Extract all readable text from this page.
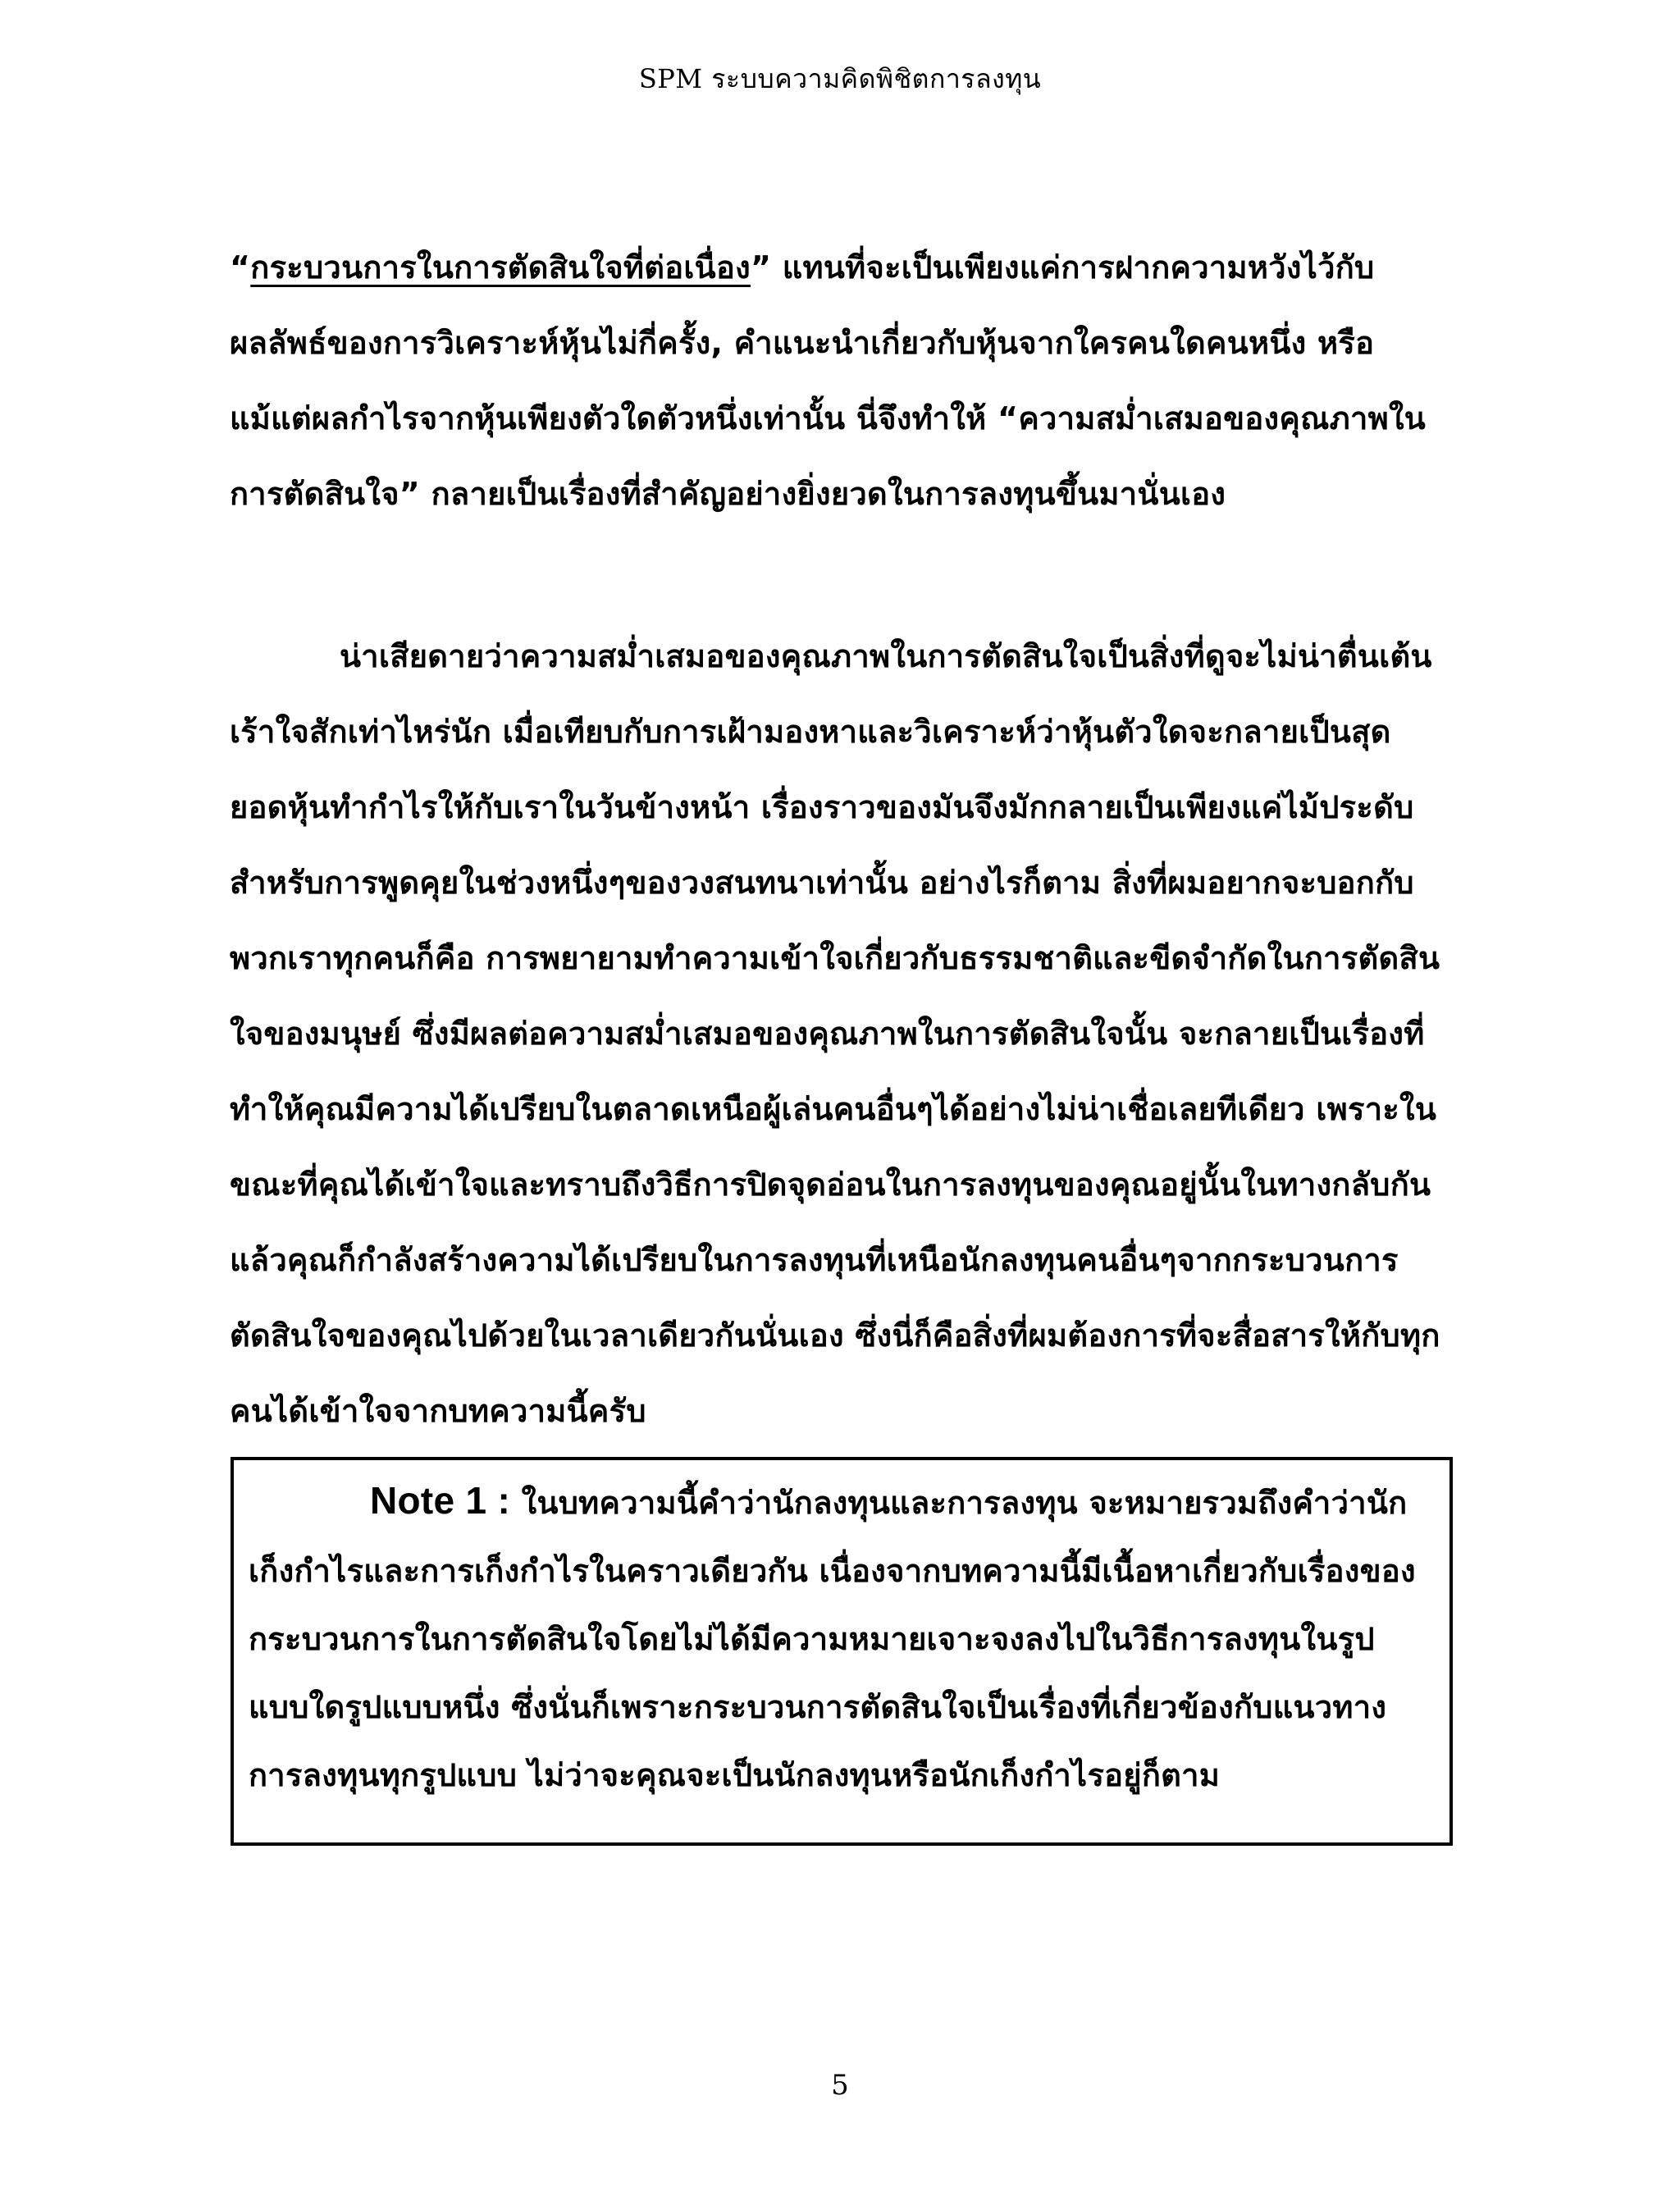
SPM ระบบความคิดพิชิตการลงทุน

“กระบวนการในการตัดสินใจที่ต่อเนื่อง” แทนที่จะเป็นเพียงแค่การฝากความหวังไว้กับผลลัพธ์ของการวิเคราะห์หุ้นไม่กี่ครั้ง, คำแนะนำเกี่ยวกับหุ้นจากใครคนใดคนหนึ่ง หรือแม้แต่ผลกำไรจากหุ้นเพียงตัวใดตัวหนึ่งเท่านั้น นี่จึงทำให้ “ความสม่ำเสมอของคุณภาพในการตัดสินใจ” กลายเป็นเรื่องที่สำคัญอย่างยิ่งยวดในการลงทุนขึ้นมานั่นเอง

น่าเสียดายว่าความสม่ำเสมอของคุณภาพในการตัดสินใจเป็นสิ่งที่ดูจะไม่น่าตื่นเต้นเร้าใจสักเท่าไหร่นัก เมื่อเทียบกับการเฝ้ามองหาและวิเคราะห์ว่าหุ้นตัวใดจะกลายเป็นสุดยอดหุ้นทำกำไรให้กับเราในวันข้างหน้า เรื่องราวของมันจึงมักกลายเป็นเพียงแค่ไม้ประดับสำหรับการพูดคุยในช่วงหนึ่งๆของวงสนทนาเท่านั้น อย่างไรก็ตาม สิ่งที่ผมอยากจะบอกกับพวกเราทุกคนก็คือ การพยายามทำความเข้าใจเกี่ยวกับธรรมชาติและขีดจำกัดในการตัดสินใจของมนุษย์ ซึ่งมีผลต่อความสม่ำเสมอของคุณภาพในการตัดสินใจนั้น จะกลายเป็นเรื่องที่ทำให้คุณมีความได้เปรียบในตลาดเหนือผู้เล่นคนอื่นๆได้อย่างไม่น่าเชื่อเลยทีเดียว เพราะในขณะที่คุณได้เข้าใจและทราบถึงวิธีการปิดจุดอ่อนในการลงทุนของคุณอยู่นั้นในทางกลับกันแล้วคุณก็กำลังสร้างความได้เปรียบในการลงทุนที่เหนือนักลงทุนคนอื่นๆจากกระบวนการตัดสินใจของคุณไปด้วยในเวลาเดียวกันนั่นเอง ซึ่งนี่ก็คือสิ่งที่ผมต้องการที่จะสื่อสารให้กับทุกคนได้เข้าใจจากบทความนี้ครับ

Note 1 : ในบทความนี้คำว่านักลงทุนและการลงทุน จะหมายรวมถึงคำว่านักเก็งกำไรและการเก็งกำไรในคราวเดียวกัน เนื่องจากบทความนี้มีเนื้อหาเกี่ยวกับเรื่องของกระบวนการในการตัดสินใจโดยไม่ได้มีความหมายเจาะจงลงไปในวิธีการลงทุนในรูปแบบใดรูปแบบหนึ่ง ซึ่งนั่นก็เพราะกระบวนการตัดสินใจเป็นเรื่องที่เกี่ยวข้องกับแนวทางการลงทุนทุกรูปแบบ ไม่ว่าจะคุณจะเป็นนักลงทุนหรือนักเก็งกำไรอยู่ก็ตาม

5
